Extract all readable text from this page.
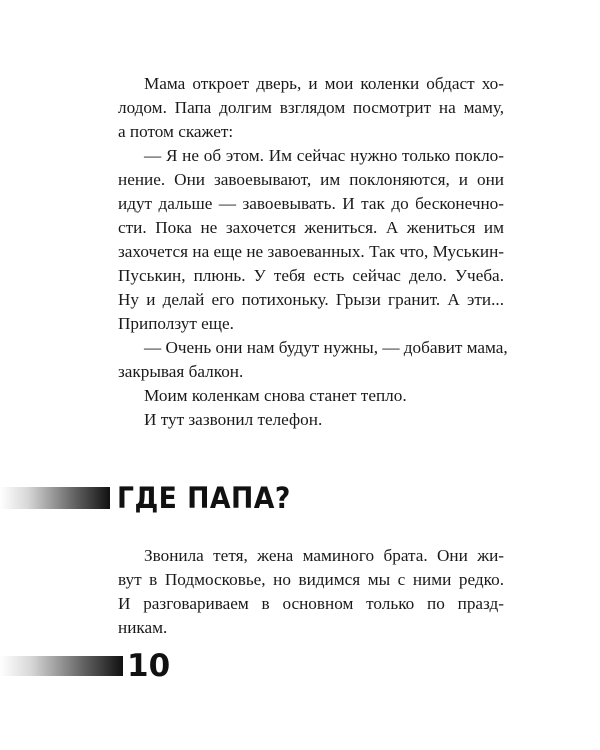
Мама откроет дверь, и мои коленки обдаст хо-
лодом. Папа долгим взглядом посмотрит на маму,
а потом скажет:
— Я не об этом. Им сейчас нужно только покло-
нение. Они завоевывают, им поклоняются, и они
идут дальше — завоевывать. И так до бесконечно-
сти. Пока не захочется жениться. А жениться им
захочется на еще не завоеванных. Так что, Муськин-
Пуськин, плюнь. У тебя есть сейчас дело. Учеба.
Ну и делай его потихоньку. Грызи гранит. А эти...
Приползут еще.
— Очень они нам будут нужны, — добавит мама,
закрывая балкон.
Моим коленкам снова станет тепло.
И тут зазвонил телефон.
ГДЕ ПАПА?
Звонила тетя, жена маминого брата. Они жи-
вут в Подмосковье, но видимся мы с ними редко.
И разговариваем в основном только по празд-
никам.
10
